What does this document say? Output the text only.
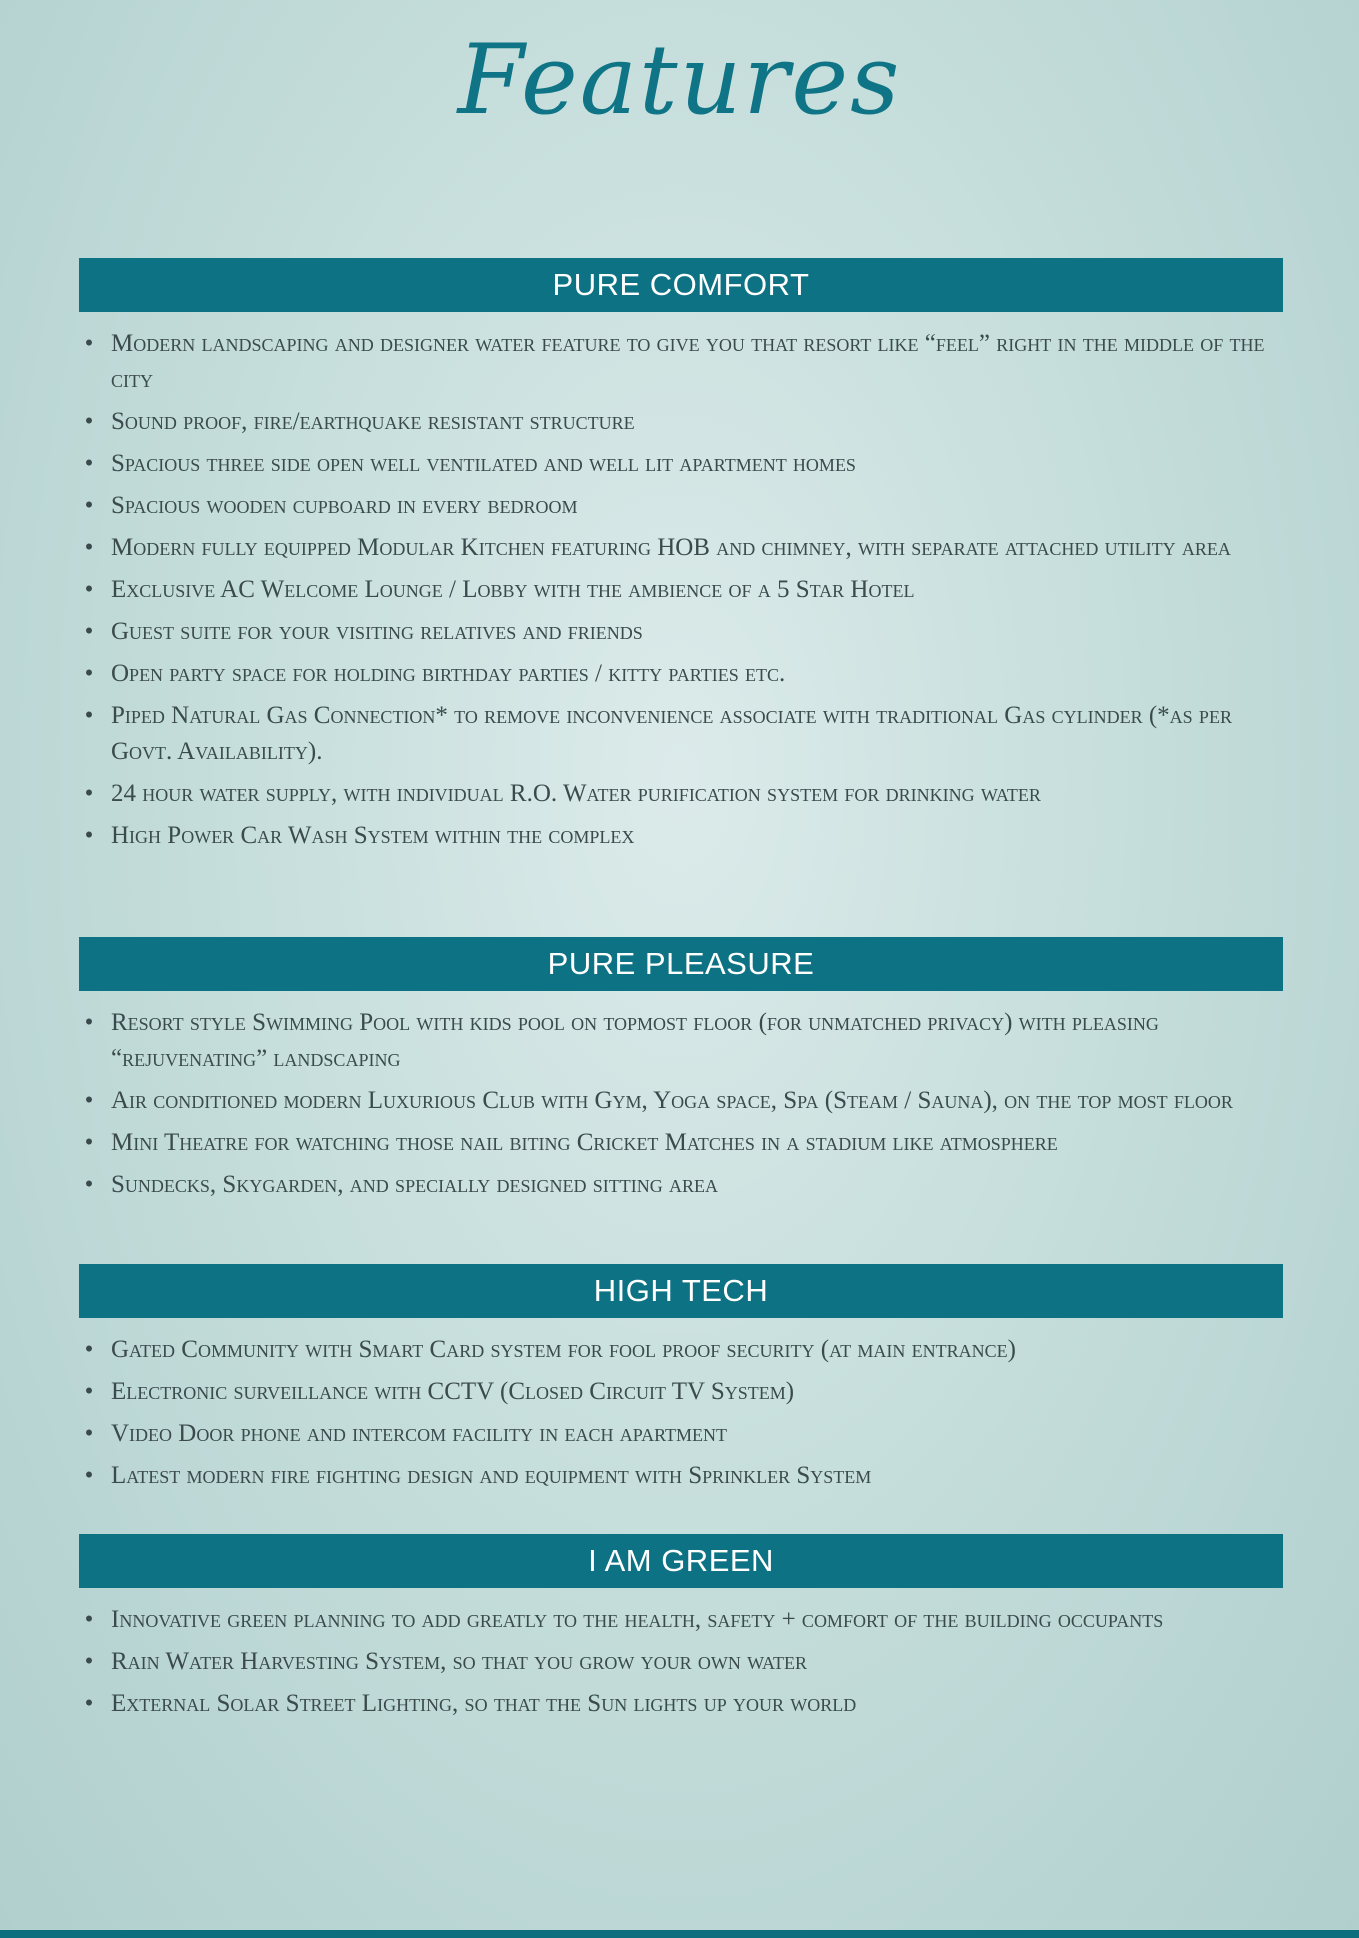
Features
PURE COMFORT
• Modern landscaping and designer water feature to give you that resort like “feel” right in the middle of the city
• Sound proof, fire/earthquake resistant structure
• Spacious three side open well ventilated and well lit apartment homes
• Spacious wooden cupboard in every bedroom
• Modern fully equipped Modular Kitchen featuring HOB and chimney, with separate attached utility area
• Exclusive AC Welcome Lounge / Lobby with the ambience of a 5 Star Hotel
• Guest suite for your visiting relatives and friends
• Open party space for holding birthday parties / kitty parties etc.
• Piped Natural Gas Connection* to remove inconvenience associate with traditional Gas cylinder (*as per Govt. Availability).
• 24 hour water supply, with individual R.O. Water purification system for drinking water
• High Power Car Wash System within the complex
PURE PLEASURE
• Resort style Swimming Pool with kids pool on topmost floor (for unmatched privacy) with pleasing “rejuvenating” landscaping
• Air conditioned modern Luxurious Club with Gym, Yoga space, Spa (Steam / Sauna), on the top most floor
• Mini Theatre for watching those nail biting Cricket Matches in a stadium like atmosphere
• Sundecks, Skygarden, and specially designed sitting area
HIGH TECH
• Gated Community with Smart Card system for fool proof security (at main entrance)
• Electronic surveillance with CCTV (Closed Circuit TV System)
• Video Door phone and intercom facility in each apartment
• Latest modern fire fighting design and equipment with Sprinkler System
I AM GREEN
• Innovative green planning to add greatly to the health, safety + comfort of the building occupants
• Rain Water Harvesting System, so that you grow your own water
• External Solar Street Lighting, so that the Sun lights up your world
